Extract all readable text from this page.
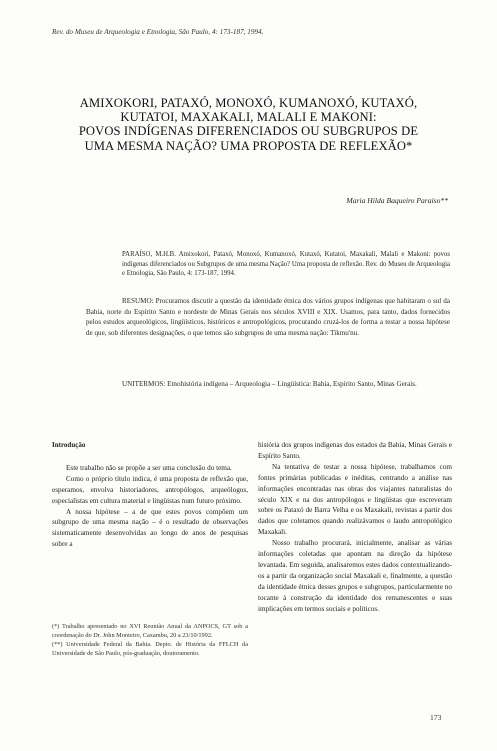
Rev. do Museu de Arqueologia e Etnologia, São Paulo, 4: 173-187, 1994.
AMIXOKORI, PATAXÓ, MONOXÓ, KUMANOXÓ, KUTAXÓ,
KUTATOI, MAXAKALI, MALALI E MAKONI:
POVOS INDÍGENAS DIFERENCIADOS OU SUBGRUPOS DE
UMA MESMA NAÇÃO? UMA PROPOSTA DE REFLEXÃO*
Maria Hilda Baqueiro Paraíso**
PARAÍSO, M.H.B. Amixokori, Pataxó, Monoxó, Kumanoxó, Kutaxó, Kutatoi, Maxakali, Malali e Makoni: povos indígenas diferenciados ou Subgrupos de uma mesma Nação? Uma proposta de reflexão. Rev. do Museu de Arqueologia e Etnologia, São Paulo, 4: 173-187, 1994.
RESUMO: Procuramos discutir a questão da identidade étnica dos vários grupos indígenas que habitaram o sul da Bahia, norte do Espírito Santo e nordeste de Minas Gerais nos séculos XVIII e XIX. Usamos, para tanto, dados fornecidos pelos estudos arqueológicos, lingüísticos, históricos e antropológicos, procurando cruzá-los de forma a testar a nossa hipótese de que, sob diferentes designações, o que temos são subgrupos de uma mesma nação: Tikmu'nu.
UNITERMOS: Etnohistória indígena – Arqueologia – Lingüística: Bahia, Espírito Santo, Minas Gerais.
Introdução

Este trabalho não se propõe a ser uma conclusão do tema.

Como o próprio título indica, é uma proposta de reflexão que, esperamos, envolva historiadores, antropólogos, arqueólogos, especialistas em cultura material e lingüistas num futuro próximo.

A nossa hipótese – a de que estes povos compõem um subgrupo de uma mesma nação – é o resultado de observações sistematicamente desenvolvidas ao longo de anos de pesquisas sobre a

história dos grupos indígenas dos estados da Bahia, Minas Gerais e Espírito Santo.

Na tentativa de testar a nossa hipótese, trabalhamos com fontes primárias publicadas e inéditas, centrando a análise nas informações encontradas nas obras dos viajantes naturalistas do século XIX e na dos antropólogos e lingüistas que escreveram sobre os Pataxó de Barra Velha e os Maxakali, revistas a partir dos dados que coletamos quando realizávamos o laudo antropológico Maxakali.

Nosso trabalho procurará, inicialmente, analisar as várias informações coletadas que apontam na direção da hipótese levantada. Em seguida, analisaremos estes dados contextualizando-os a partir da organização social Maxakali e, finalmente, a questão da identidade étnica desses grupos e subgrupos, particularmente no tocante à construção da identidade dos remanescentes e suas implicações em termos sociais e políticos.

(*) Trabalho apresentado no XVI Reunião Anual da ANPOCS, GT sob a coordenação do Dr. John Monteiro, Caxambu, 20 a 23/10/1992.

(**) Universidade Federal da Bahia. Depto. de História da FFLCH da Universidade de São Paulo, pós-graduação, doutoramento.

173
